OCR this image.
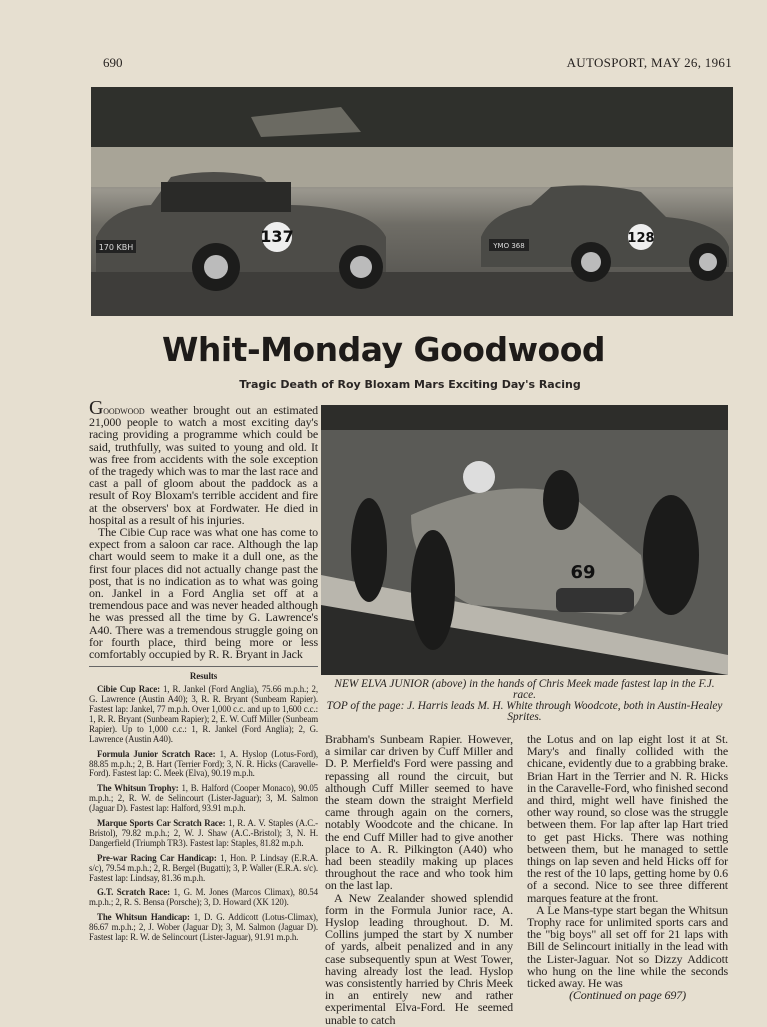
690	AUTOSPORT, MAY 26, 1961
137
170 KBH
128
YMO 368
Whit-Monday Goodwood
Tragic Death of Roy Bloxam Mars Exciting Day's Racing

Goodwood weather brought out an estimated 21,000 people to watch a most exciting day's racing providing a programme which could be said, truthfully, was suited to young and old. It was free from accidents with the sole exception of the tragedy which was to mar the last race and cast a pall of gloom about the paddock as a result of Roy Bloxam's terrible accident and fire at the observers' box at Fordwater. He died in hospital as a result of his injuries.

The Cibie Cup race was what one has come to expect from a saloon car race. Although the lap chart would seem to make it a dull one, as the first four places did not actually change past the post, that is no indication as to what was going on. Jankel in a Ford Anglia set off at a tremendous pace and was never headed although he was pressed all the time by G. Lawrence's A40. There was a tremendous struggle going on for fourth place, third being more or less comfortably occupied by R. R. Bryant in Jack

Results

Cibie Cup Race: 1, R. Jankel (Ford Anglia), 75.66 m.p.h.; 2, G. Lawrence (Austin A40); 3, R. R. Bryant (Sunbeam Rapier). Fastest lap: Jankel, 77 m.p.h. Over 1,000 c.c. and up to 1,600 c.c.: 1, R. R. Bryant (Sunbeam Rapier); 2, E. W. Cuff Miller (Sunbeam Rapier). Up to 1,000 c.c.: 1, R. Jankel (Ford Anglia); 2, G. Lawrence (Austin A40).

Formula Junior Scratch Race: 1, A. Hyslop (Lotus-Ford), 88.85 m.p.h.; 2, B. Hart (Terrier Ford); 3, N. R. Hicks (Caravelle-Ford). Fastest lap: C. Meek (Elva), 90.19 m.p.h.

The Whitsun Trophy: 1, B. Halford (Cooper Monaco), 90.05 m.p.h.; 2, R. W. de Selincourt (Lister-Jaguar); 3, M. Salmon (Jaguar D). Fastest lap: Halford, 93.91 m.p.h.

Marque Sports Car Scratch Race: 1, R. A. V. Staples (A.C.-Bristol), 79.82 m.p.h.; 2, W. J. Shaw (A.C.-Bristol); 3, N. H. Dangerfield (Triumph TR3). Fastest lap: Staples, 81.82 m.p.h.

Pre-war Racing Car Handicap: 1, Hon. P. Lindsay (E.R.A. s/c), 79.54 m.p.h.; 2, R. Bergel (Bugatti); 3, P. Waller (E.R.A. s/c). Fastest lap: Lindsay, 81.36 m.p.h.

G.T. Scratch Race: 1, G. M. Jones (Marcos Climax), 80.54 m.p.h.; 2, R. S. Bensa (Porsche); 3, D. Howard (XK 120).

The Whitsun Handicap: 1, D. G. Addicott (Lotus-Climax), 86.67 m.p.h.; 2, J. Wober (Jaguar D); 3, M. Salmon (Jaguar D). Fastest lap: R. W. de Selincourt (Lister-Jaguar), 91.91 m.p.h.

69
NEW ELVA JUNIOR (above) in the hands of Chris Meek made fastest lap in the F.J. race.
TOP of the page: J. Harris leads M. H. White through Woodcote, both in Austin-Healey Sprites.

Brabham's Sunbeam Rapier. However, a similar car driven by Cuff Miller and D. P. Merfield's Ford were passing and repassing all round the circuit, but although Cuff Miller seemed to have the steam down the straight Merfield came through again on the corners, notably Woodcote and the chicane. In the end Cuff Miller had to give another place to A. R. Pilkington (A40) who had been steadily making up places throughout the race and who took him on the last lap.

A New Zealander showed splendid form in the Formula Junior race, A. Hyslop leading throughout. D. M. Collins jumped the start by X number of yards, albeit penalized and in any case subsequently spun at West Tower, having already lost the lead. Hyslop was consistently harried by Chris Meek in an entirely new and rather experimental Elva-Ford. He seemed unable to catch

the Lotus and on lap eight lost it at St. Mary's and finally collided with the chicane, evidently due to a grabbing brake. Brian Hart in the Terrier and N. R. Hicks in the Caravelle-Ford, who finished second and third, might well have finished the other way round, so close was the struggle between them. For lap after lap Hart tried to get past Hicks. There was nothing between them, but he managed to settle things on lap seven and held Hicks off for the rest of the 10 laps, getting home by 0.6 of a second. Nice to see three different marques feature at the front.

A Le Mans-type start began the Whitsun Trophy race for unlimited sports cars and the "big boys" all set off for 21 laps with Bill de Selincourt initially in the lead with the Lister-Jaguar. Not so Dizzy Addicott who hung on the line while the seconds ticked away. He was

(Continued on page 697)
